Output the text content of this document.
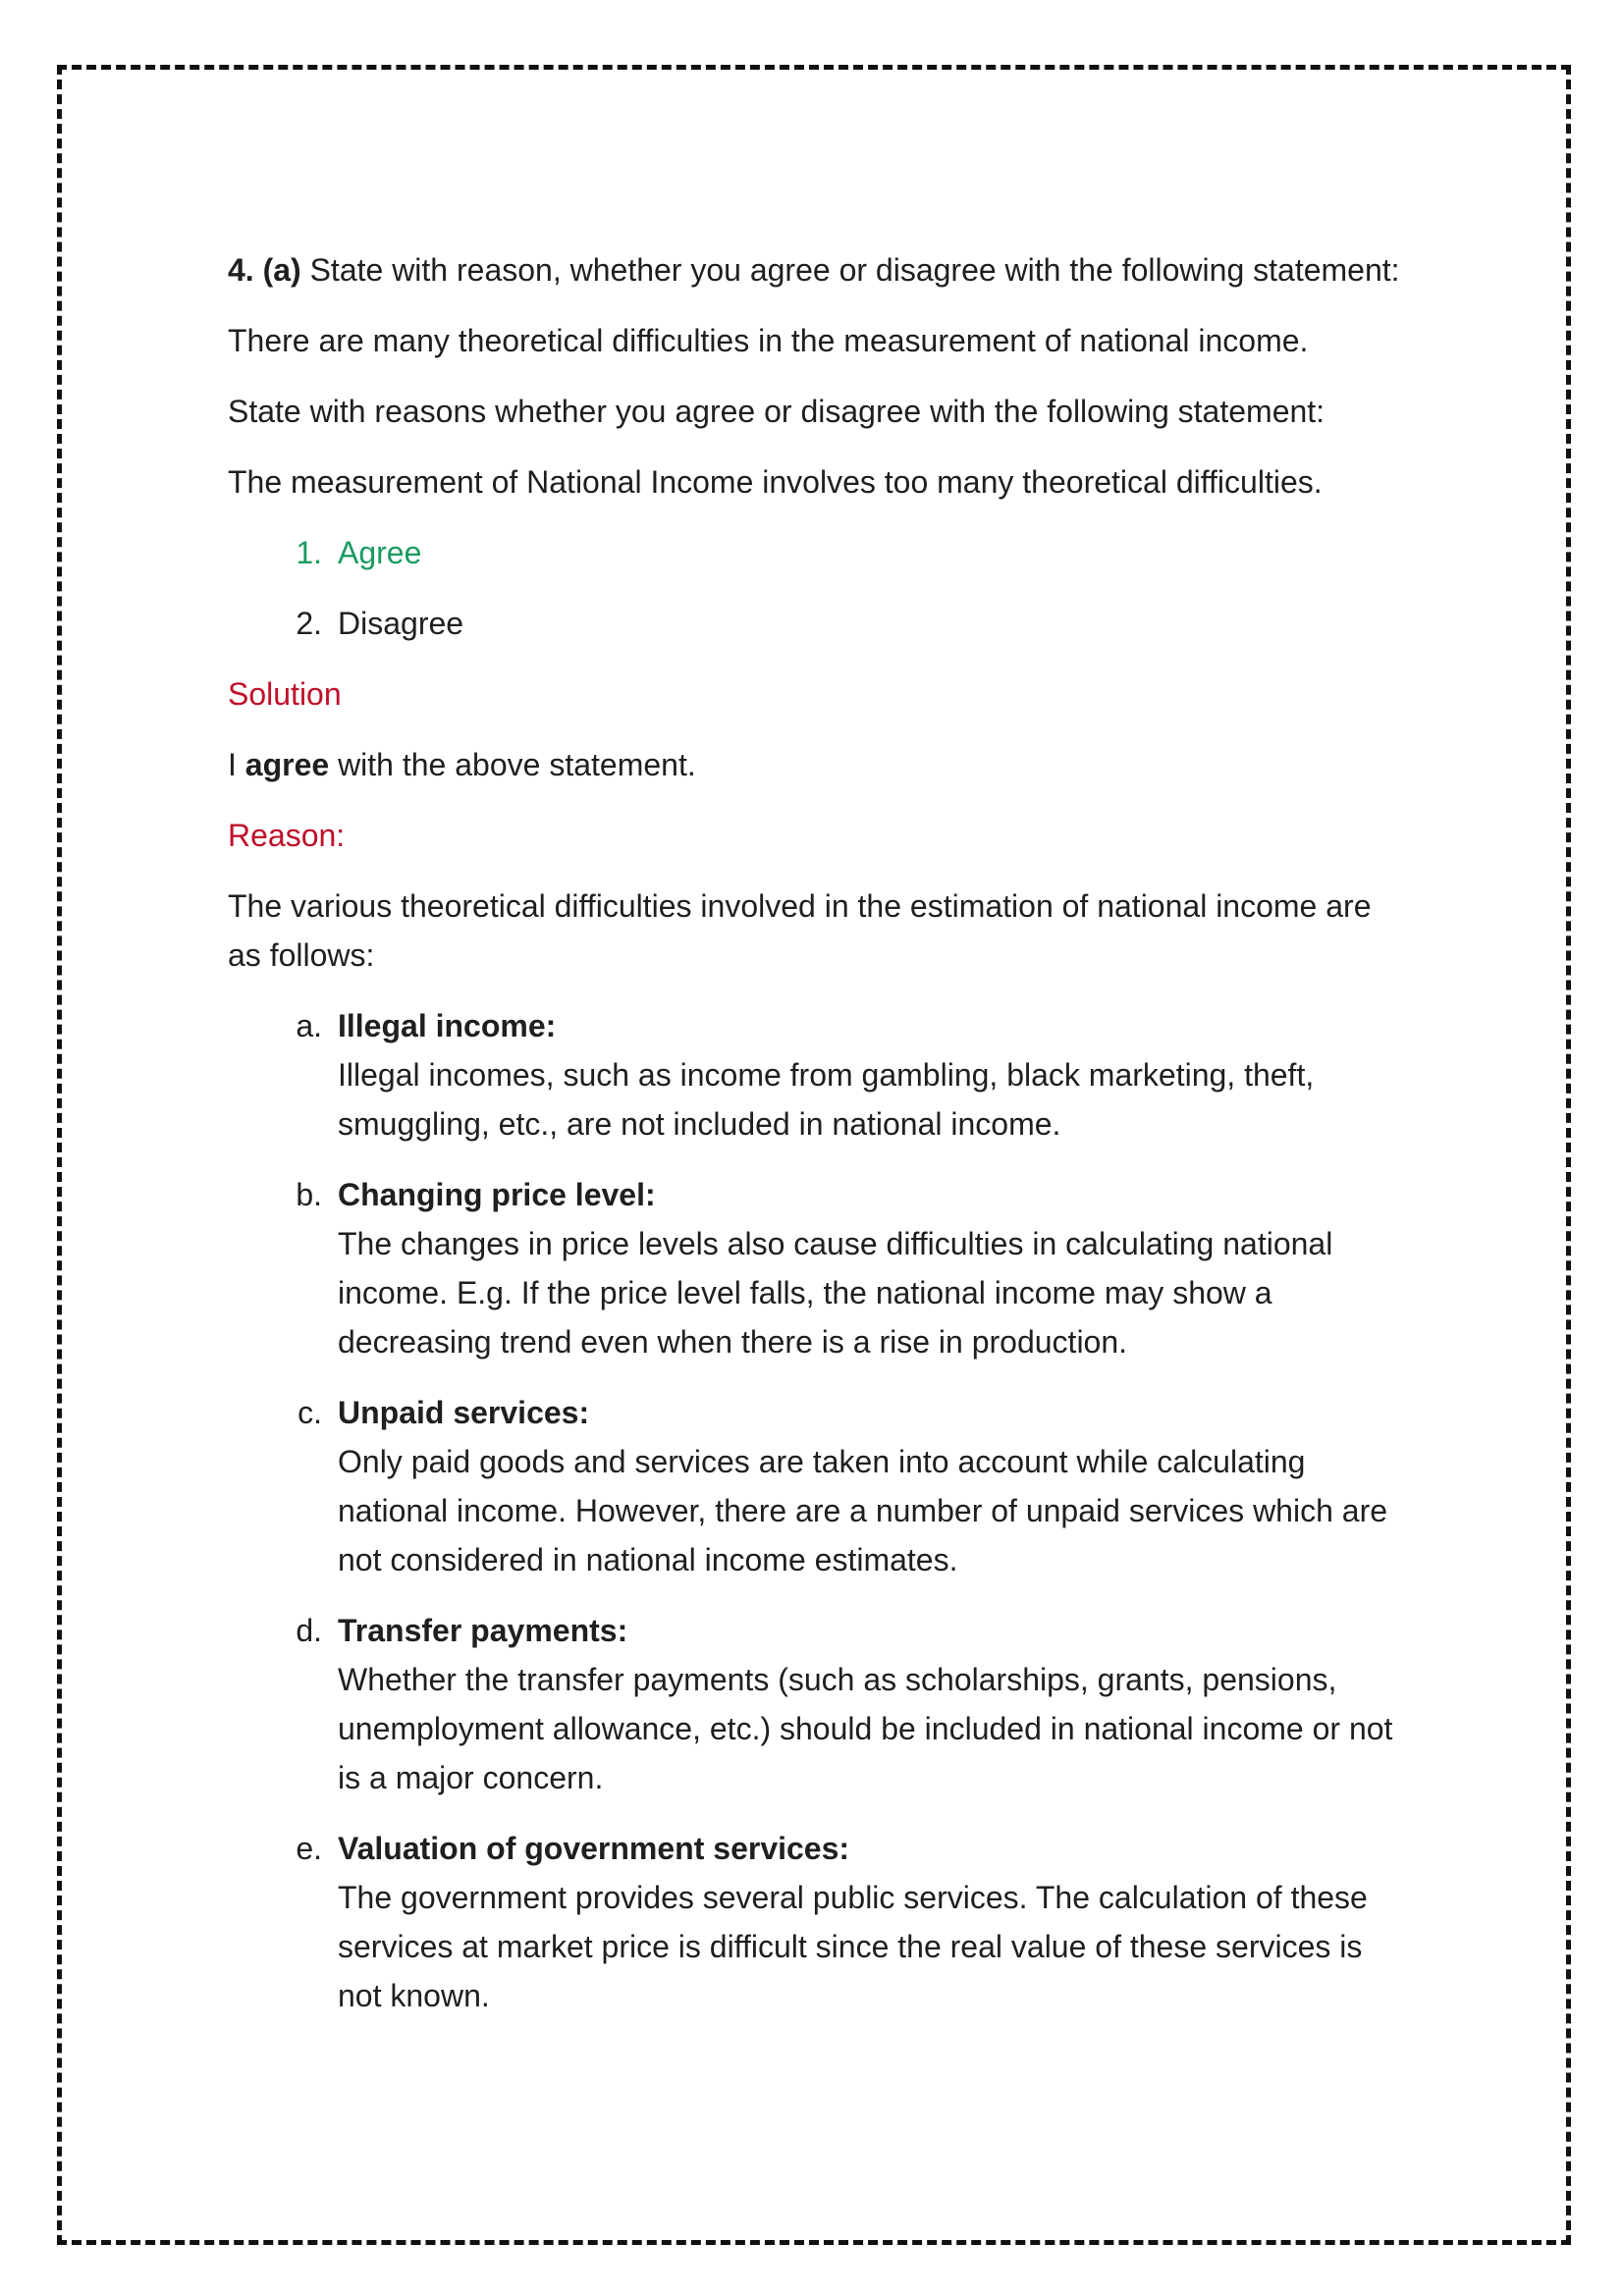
4. (a) State with reason, whether you agree or disagree with the following statement:

There are many theoretical difficulties in the measurement of national income.

State with reasons whether you agree or disagree with the following statement:

The measurement of National Income involves too many theoretical difficulties.

1. Agree
2. Disagree

Solution

I agree with the above statement.

Reason:

The various theoretical difficulties involved in the estimation of national income are as follows:

a. Illegal income:
Illegal incomes, such as income from gambling, black marketing, theft, smuggling, etc., are not included in national income.
b. Changing price level:
The changes in price levels also cause difficulties in calculating national income. E.g. If the price level falls, the national income may show a decreasing trend even when there is a rise in production.
c. Unpaid services:
Only paid goods and services are taken into account while calculating national income. However, there are a number of unpaid services which are not considered in national income estimates.
d. Transfer payments:
Whether the transfer payments (such as scholarships, grants, pensions, unemployment allowance, etc.) should be included in national income or not is a major concern.
e. Valuation of government services:
The government provides several public services. The calculation of these services at market price is difficult since the real value of these services is not known.
